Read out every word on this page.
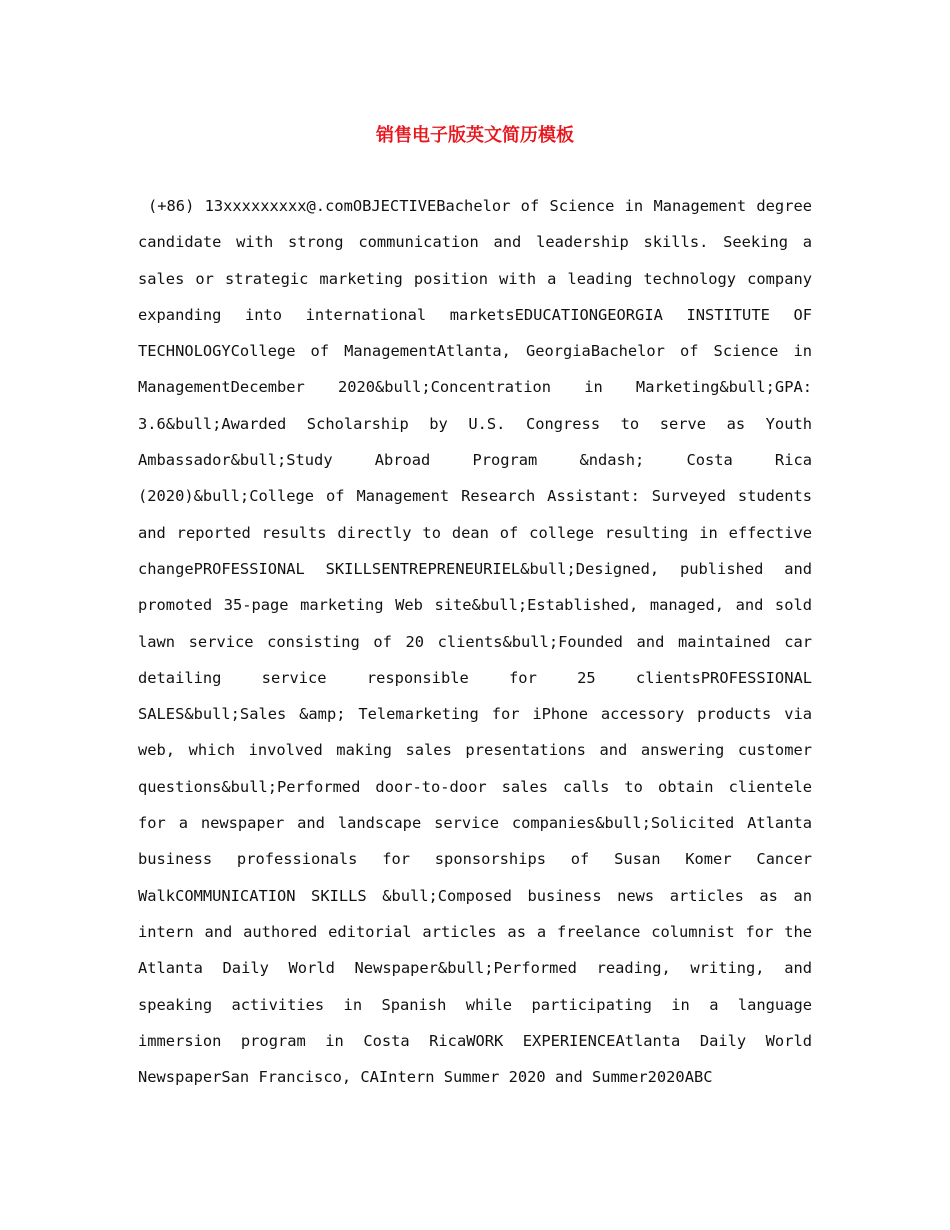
销售电子版英文简历模板

(+86) 13xxxxxxxxx@.comOBJECTIVEBachelor of Science in Management degree candidate with strong communication and leadership skills. Seeking a sales or strategic marketing position with a leading technology company expanding into international marketsEDUCATIONGEORGIA INSTITUTE OF TECHNOLOGYCollege of ManagementAtlanta, GeorgiaBachelor of Science in ManagementDecember 2020&bull;Concentration in Marketing&bull;GPA: 3.6&bull;Awarded Scholarship by U.S. Congress to serve as Youth Ambassador&bull;Study Abroad Program &ndash; Costa Rica (2020)&bull;College of Management Research Assistant: Surveyed students and reported results directly to dean of college resulting in effective changePROFESSIONAL SKILLSENTREPRENEURIEL&bull;Designed, published and promoted 35-page marketing Web site&bull;Established, managed, and sold lawn service consisting of 20 clients&bull;Founded and maintained car detailing service responsible for 25 clientsPROFESSIONAL SALES&bull;Sales &amp; Telemarketing for iPhone accessory products via web, which involved making sales presentations and answering customer questions&bull;Performed door-to-door sales calls to obtain clientele for a newspaper and landscape service companies&bull;Solicited Atlanta business professionals for sponsorships of Susan Komer Cancer WalkCOMMUNICATION SKILLS &bull;Composed business news articles as an intern and authored editorial articles as a freelance columnist for the Atlanta Daily World Newspaper&bull;Performed reading, writing, and speaking activities in Spanish while participating in a language immersion program in Costa RicaWORK EXPERIENCEAtlanta Daily World NewspaperSan Francisco, CAIntern Summer 2020 and Summer2020ABC
